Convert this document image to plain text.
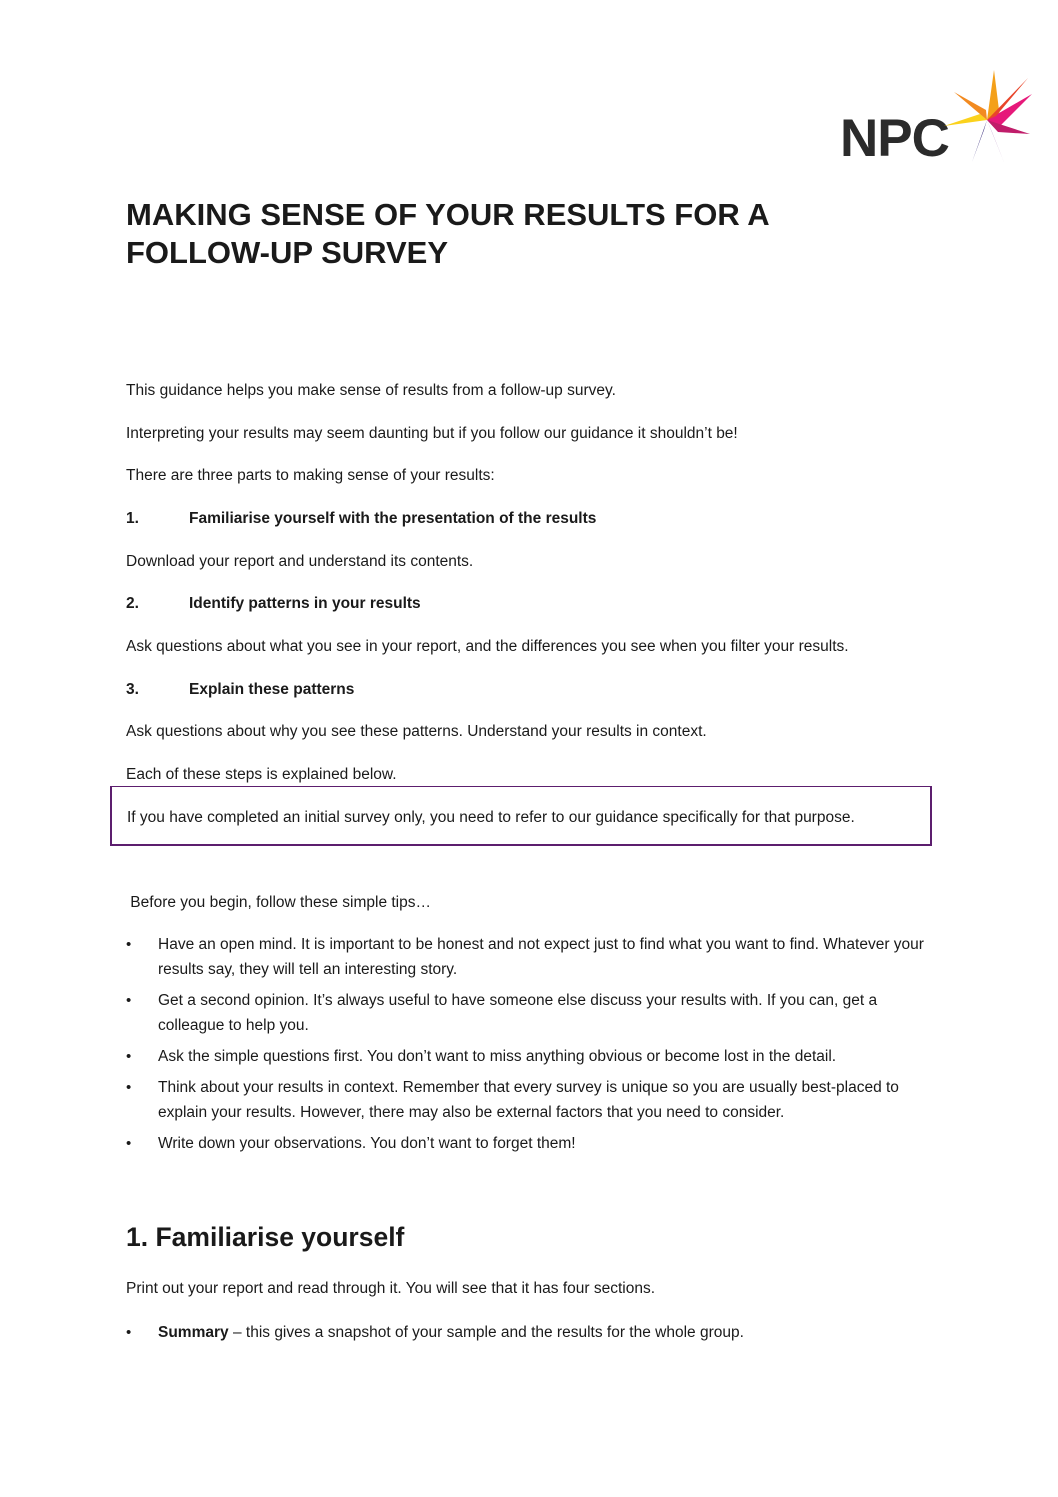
NPC
MAKING SENSE OF YOUR RESULTS FOR A FOLLOW-UP SURVEY

This guidance helps you make sense of results from a follow-up survey.

Interpreting your results may seem daunting but if you follow our guidance it shouldn’t be!

There are three parts to making sense of your results:

1.	Familiarise yourself with the presentation of the results

Download your report and understand its contents.

2.	Identify patterns in your results

Ask questions about what you see in your report, and the differences you see when you filter your results.

3.	Explain these patterns

Ask questions about why you see these patterns. Understand your results in context.

Each of these steps is explained below.

If you have completed an initial survey only, you need to refer to our guidance specifically for that purpose.

Before you begin, follow these simple tips…

• Have an open mind. It is important to be honest and not expect just to find what you want to find. Whatever your results say, they will tell an interesting story.
• Get a second opinion. It’s always useful to have someone else discuss your results with. If you can, get a colleague to help you.
• Ask the simple questions first. You don’t want to miss anything obvious or become lost in the detail.
• Think about your results in context. Remember that every survey is unique so you are usually best-placed to explain your results. However, there may also be external factors that you need to consider.
• Write down your observations. You don’t want to forget them!
1. Familiarise yourself

Print out your report and read through it. You will see that it has four sections.

• Summary – this gives a snapshot of your sample and the results for the whole group.
